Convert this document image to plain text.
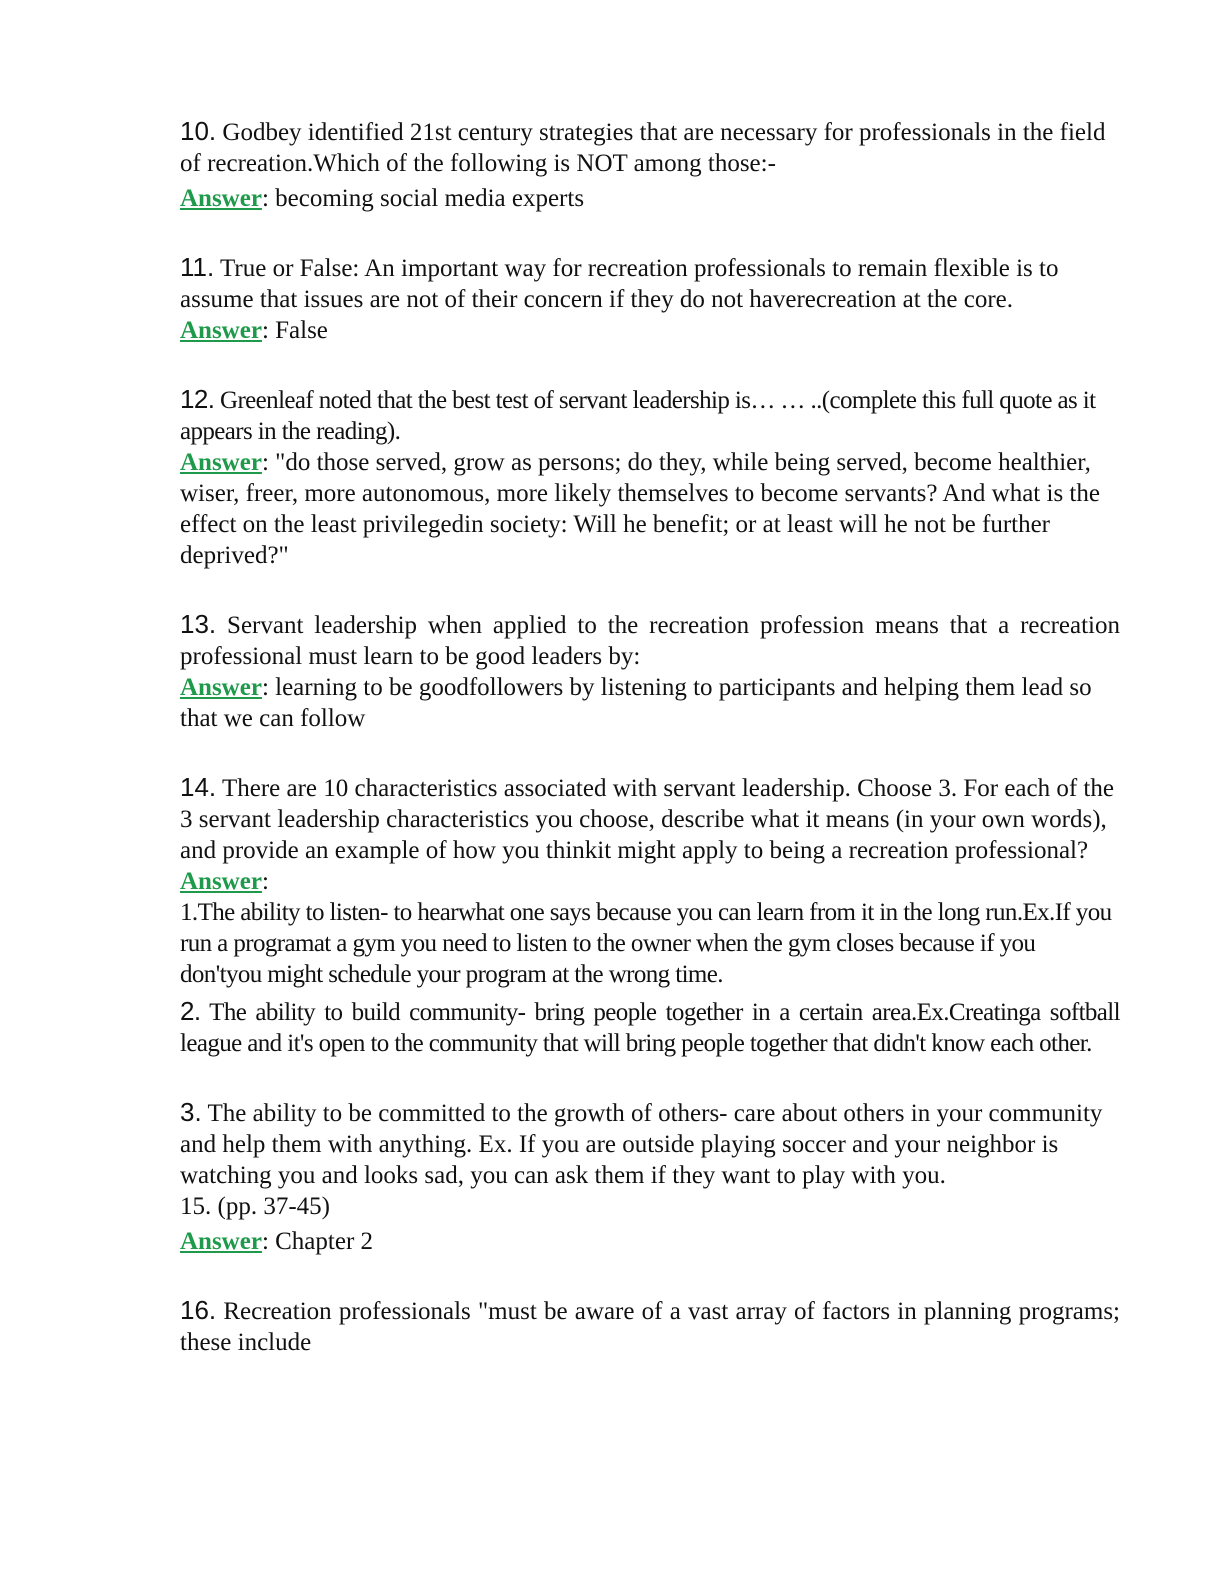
10. Godbey identified 21st century strategies that are necessary for professionals in the field of recreation.Which of the following is NOT among those:-
Answer: becoming social media experts
11. True or False: An important way for recreation professionals to remain flexible is to assume that issues are not of their concern if they do not haverecreation at the core.
Answer: False
12. Greenleaf noted that the best test of servant leadership is… … ..(complete this full quote as it appears in the reading).
Answer: "do those served, grow as persons; do they, while being served, become healthier, wiser, freer, more autonomous, more likely themselves to become servants? And what is the effect on the least privilegedin society: Will he benefit; or at least will he not be further deprived?"
13. Servant leadership when applied to the recreation profession means that a recreation professional must learn to be good leaders by:
Answer: learning to be goodfollowers by listening to participants and helping them lead so that we can follow
14. There are 10 characteristics associated with servant leadership. Choose 3. For each of the 3 servant leadership characteristics you choose, describe what it means (in your own words), and provide an example of how you thinkit might apply to being a recreation professional?
Answer:
1.The ability to listen- to hearwhat one says because you can learn from it in the long run.Ex.If you run a programat a gym you need to listen to the owner when the gym closes because if you don'tyou might schedule your program at the wrong time.
2. The ability to build community- bring people together in a certain area.Ex.Creatinga softball league and it's open to the community that will bring people together that didn't know each other.
3. The ability to be committed to the growth of others- care about others in your community and help them with anything. Ex. If you are outside playing soccer and your neighbor is watching you and looks sad, you can ask them if they want to play with you.
15. (pp. 37-45)
Answer: Chapter 2
16. Recreation professionals "must be aware of a vast array of factors in planning programs; these include
